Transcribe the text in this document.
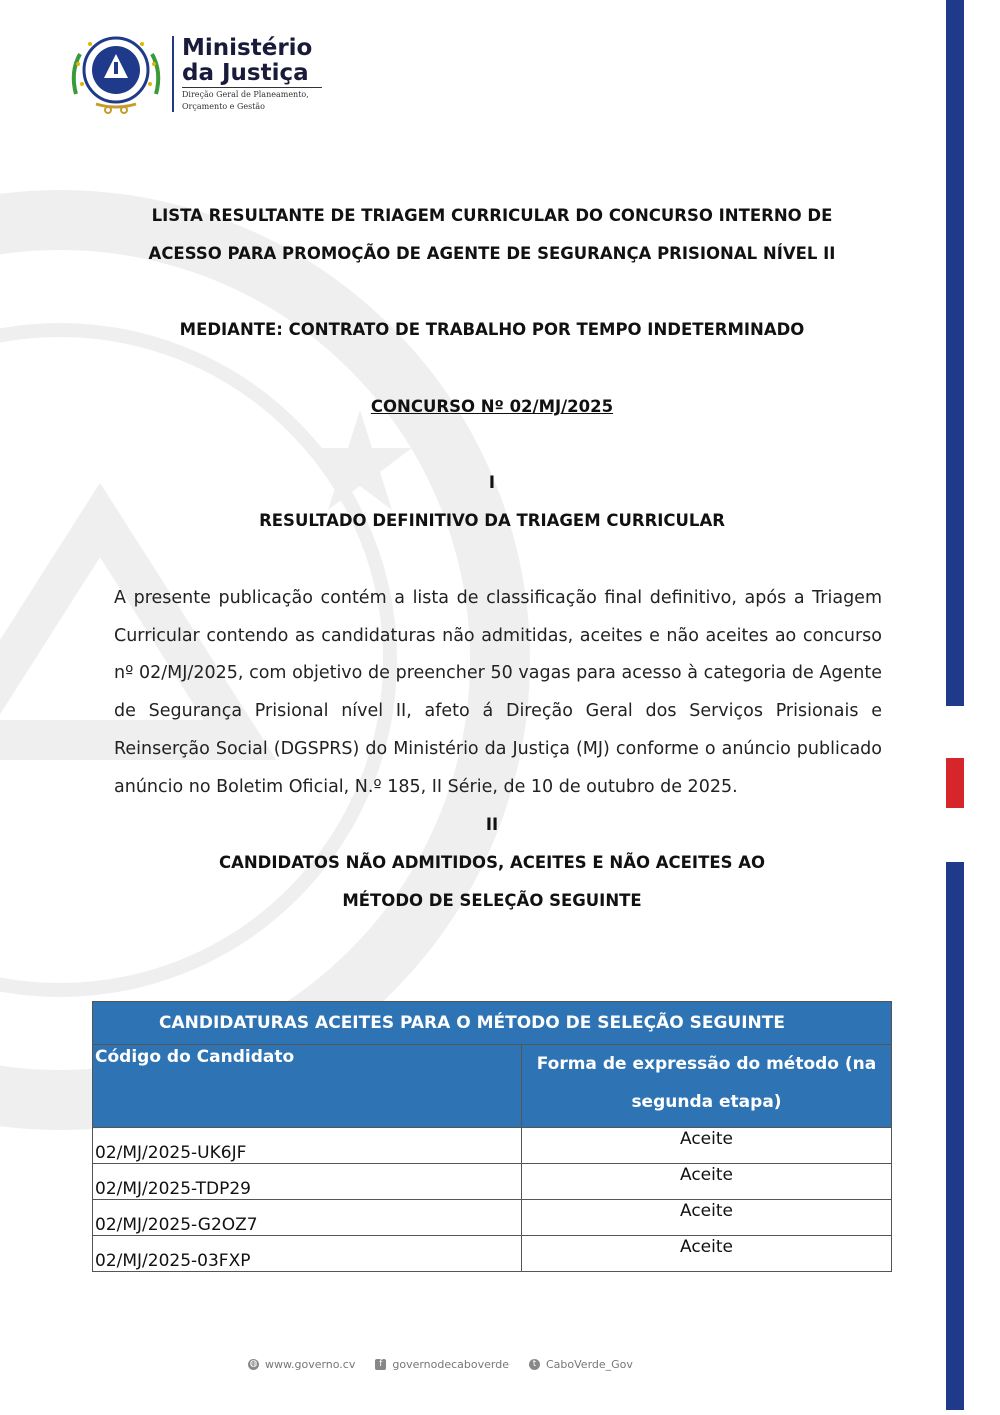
Ministério
da Justiça
Direção Geral de Planeamento,
Orçamento e Gestão
LISTA RESULTANTE DE TRIAGEM CURRICULAR DO CONCURSO INTERNO DE
ACESSO PARA PROMOÇÃO DE AGENTE DE SEGURANÇA PRISIONAL NÍVEL II
MEDIANTE: CONTRATO DE TRABALHO POR TEMPO INDETERMINADO
CONCURSO Nº 02/MJ/2025
I
RESULTADO DEFINITIVO DA TRIAGEM CURRICULAR
A presente publicação contém a lista de classificação final definitivo, após a Triagem Curricular contendo as candidaturas não admitidas, aceites e não aceites ao concurso nº 02/MJ/2025, com objetivo de preencher 50 vagas para acesso à categoria de Agente de Segurança Prisional nível II, afeto á Direção Geral dos Serviços Prisionais e Reinserção Social (DGSPRS) do Ministério da Justiça (MJ) conforme o anúncio publicado anúncio no Boletim Oficial, N.º 185, II Série, de 10 de outubro de 2025.
II
CANDIDATOS NÃO ADMITIDOS, ACEITES E NÃO ACEITES AO
MÉTODO DE SELEÇÃO SEGUINTE
CANDIDATURAS ACEITES PARA O MÉTODO DE SELEÇÃO SEGUINTE	
Código do Candidato	Forma de expressão do método (na segunda etapa)
02/MJ/2025-UK6JF	Aceite
02/MJ/2025-TDP29	Aceite
02/MJ/2025-G2OZ7	Aceite
02/MJ/2025-03FXP	Aceite
◍ www.governo.cv	f governodecaboverde	t CaboVerde_Gov
